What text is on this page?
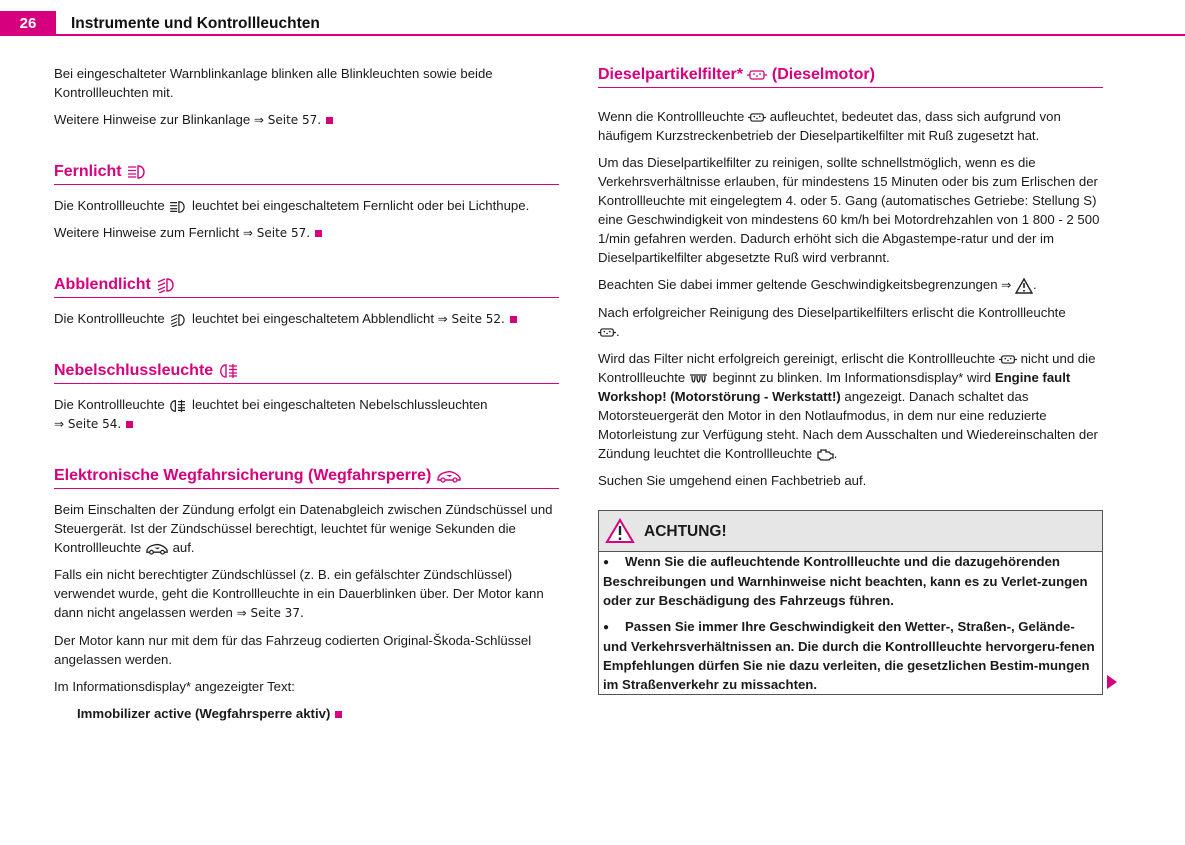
26	Instrumente und Kontrollleuchten

Bei eingeschalteter Warnblinkanlage blinken alle Blinkleuchten sowie beide Kontrollleuchten mit.

Weitere Hinweise zur Blinkanlage ⇒ Seite 57.

Fernlicht

Die Kontrollleuchte leuchtet bei eingeschaltetem Fernlicht oder bei Lichthupe.

Weitere Hinweise zum Fernlicht ⇒ Seite 57.

Abblendlicht

Die Kontrollleuchte leuchtet bei eingeschaltetem Abblendlicht ⇒ Seite 52.

Nebelschlussleuchte

Die Kontrollleuchte leuchtet bei eingeschalteten Nebelschlussleuchten
⇒ Seite 54.

Elektronische Wegfahrsicherung (Wegfahrsperre)

Beim Einschalten der Zündung erfolgt ein Datenabgleich zwischen Zündschüssel und Steuergerät. Ist der Zündschüssel berechtigt, leuchtet für wenige Sekunden die Kontrollleuchte auf.

Falls ein nicht berechtigter Zündschlüssel (z. B. ein gefälschter Zündschlüssel) verwendet wurde, geht die Kontrollleuchte in ein Dauerblinken über. Der Motor kann dann nicht angelassen werden ⇒ Seite 37.

Der Motor kann nur mit dem für das Fahrzeug codierten Original-Škoda-Schlüssel angelassen werden.

Im Informationsdisplay* angezeigter Text:

Immobilizer active (Wegfahrsperre aktiv)

Dieselpartikelfilter* (Dieselmotor)

Wenn die Kontrollleuchte aufleuchtet, bedeutet das, dass sich aufgrund von häufigem Kurzstreckenbetrieb der Dieselpartikelfilter mit Ruß zugesetzt hat.

Um das Dieselpartikelfilter zu reinigen, sollte schnellstmöglich, wenn es die Verkehrsverhältnisse erlauben, für mindestens 15 Minuten oder bis zum Erlischen der Kontrollleuchte mit eingelegtem 4. oder 5. Gang (automatisches Getriebe: Stellung S) eine Geschwindigkeit von mindestens 60 km/h bei Motordrehzahlen von 1 800 - 2 500 1/min gefahren werden. Dadurch erhöht sich die Abgastempe-ratur und der im Dieselpartikelfilter abgesetzte Ruß wird verbrannt.

Beachten Sie dabei immer geltende Geschwindigkeitsbegrenzungen ⇒ .

Nach erfolgreicher Reinigung des Dieselpartikelfilters erlischt die Kontrollleuchte

.

Wird das Filter nicht erfolgreich gereinigt, erlischt die Kontrollleuchte nicht und die Kontrollleuchte beginnt zu blinken. Im Informationsdisplay* wird Engine fault Workshop! (Motorstörung - Werkstatt!) angezeigt. Danach schaltet das Motorsteuergerät den Motor in den Notlaufmodus, in dem nur eine reduzierte Motorleistung zur Verfügung steht. Nach dem Ausschalten und Wiedereinschalten der Zündung leuchtet die Kontrollleuchte .

Suchen Sie umgehend einen Fachbetrieb auf.

ACHTUNG!

● Wenn Sie die aufleuchtende Kontrollleuchte und die dazugehörenden Beschreibungen und Warnhinweise nicht beachten, kann es zu Verlet-zungen oder zur Beschädigung des Fahrzeugs führen.

● Passen Sie immer Ihre Geschwindigkeit den Wetter-, Straßen-, Gelände- und Verkehrsverhältnissen an. Die durch die Kontrollleuchte hervorgeru-fenen Empfehlungen dürfen Sie nie dazu verleiten, die gesetzlichen Bestim-mungen im Straßenverkehr zu missachten.
